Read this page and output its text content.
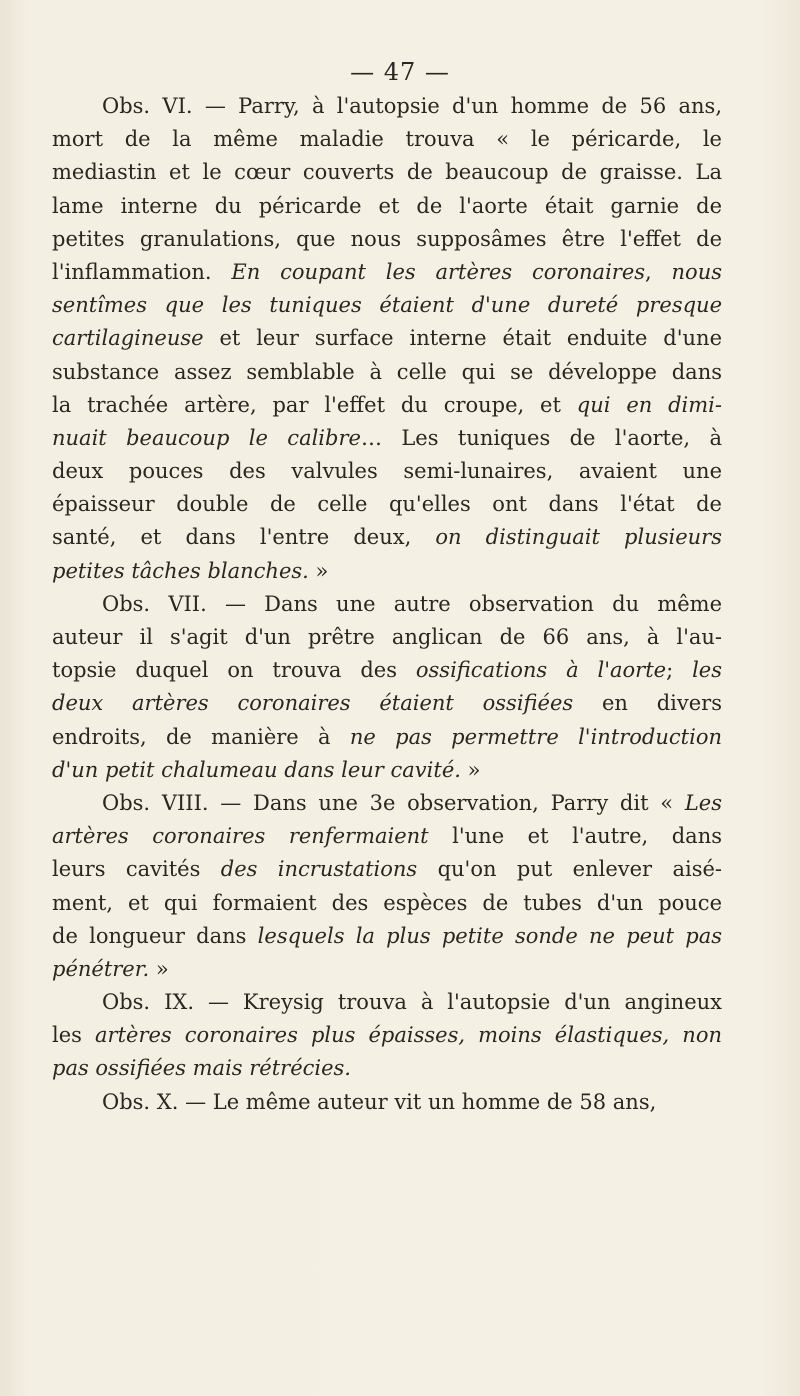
— 47 —
Obs. VI. — Parry, à l'autopsie d'un homme de 56 ans,
mort de la même maladie trouva « le péricarde, le
mediastin et le cœur couverts de beaucoup de graisse. La
lame interne du péricarde et de l'aorte était garnie de
petites granulations, que nous supposâmes être l'effet de
l'inflammation. En coupant les artères coronaires, nous
sentîmes que les tuniques étaient d'une dureté presque
cartilagineuse et leur surface interne était enduite d'une
substance assez semblable à celle qui se développe dans
la trachée artère, par l'effet du croupe, et qui en dimi-
nuait beaucoup le calibre… Les tuniques de l'aorte, à
deux pouces des valvules semi-lunaires, avaient une
épaisseur double de celle qu'elles ont dans l'état de
santé, et dans l'entre deux, on distinguait plusieurs
petites tâches blanches. »
Obs. VII. — Dans une autre observation du même
auteur il s'agit d'un prêtre anglican de 66 ans, à l'au-
topsie duquel on trouva des ossifications à l'aorte; les
deux artères coronaires étaient ossifiées en divers
endroits, de manière à ne pas permettre l'introduction
d'un petit chalumeau dans leur cavité. »
Obs. VIII. — Dans une 3e observation, Parry dit « Les
artères coronaires renfermaient l'une et l'autre, dans
leurs cavités des incrustations qu'on put enlever aisé-
ment, et qui formaient des espèces de tubes d'un pouce
de longueur dans lesquels la plus petite sonde ne peut pas
pénétrer. »
Obs. IX. — Kreysig trouva à l'autopsie d'un angineux
les artères coronaires plus épaisses, moins élastiques, non
pas ossifiées mais rétrécies.
Obs. X. — Le même auteur vit un homme de 58 ans,
